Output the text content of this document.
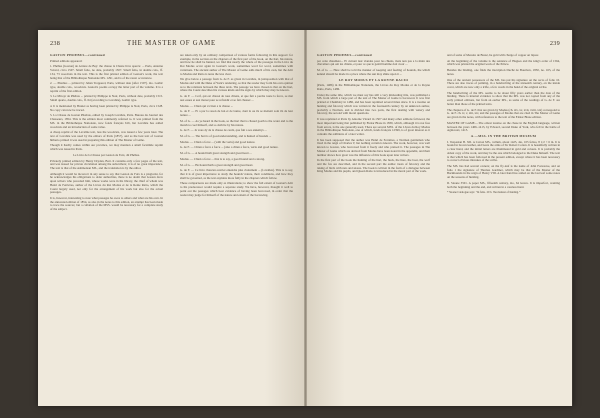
238	THE MASTER OF GAME

GASTON PHOEBUS—continued

Printed editions appeared:

1. Phébus (Gaston) de Arriere de Bay: the chasse la Chaste livre apercu: ... Paris, Antoine Vérard, circa 1507. Small folio, no date, probably 1507. Small folio, in double cols., ff. 134, 73 woodcuts in the text. This is the first printed edition of Gaston's work, the text being that of the Bibliothèque Nationale MS. 1291, and is of the rarest occurrence.

2. — Phœbus ... printed by Jehan Trepperel, Paris, without date (after 1507). 4to. Gothic type, double cols., woodcuts. Gaston's poems occupy the latter part of the volume. It is a reprint of the first edition.

3. Le Miroyr de Phébus ... printed by Philippe le Noir, Paris, without date, probably 1515. Small quarto, double cols., ff. 64 (according to Lavallée), Gothic type.

4. It is mentioned by Brunet as having been printed by Philippe le Noir, Paris, circa 1528. No copy can now be traced.

5. La Chasse de Gaston Phœbus, edited by Joseph Lavallée, Paris. Bureau du Journal des Chasseurs, 1854. This is the edition most commonly referred to. It was printed from the MS. in the Bibliothèque Nationale, now fonds français 616, but Lavallée has added woodcuts and an introduction of some value.

A cheap reprint of the Lavallée text, less the woodcuts, was issued a few years later. The text of Lavallée was used by the editors of Paris (1857), and as the best text of Gaston hitherto printed it was used in preparing this edition of The Master of Game.

Though it hardly comes within our province, we may mention a small facsimile reprint which was issued in Paris.

Le Livre de la Chasse par Gaston de Foix, dit Phébus.

Privately printed edition by Henry Dryden, Bart. It contains only a few pages of the text, and was issued for private circulation among the subscribers; it is of no great importance. The text is that of the Ashmolean MS., and the translation is by the editor.

Although it would be incorrect in any sense to say that Gaston de Foix is a plagiarist, for he acknowledges his obligations to older authorities, there is no doubt that Gaston drew upon writers who preceded him, whose works were in his library, the chief of whom was Henri de Ferrières, author of the Livres du Roi Modus et de la Reine Ratio, which the Count largely used, not only for the arrangement of his work but also for the actual passages.

It is, however, interesting to note what passages he owes to others and what are his own. In the annotated edition of 1854, as also in the notes to this edition, an attempt has been made to trace the sources; but a collation of the MSS. would be necessary for a complete study of the subject.

are taken only by an ordinary comparison of various forms following in this support: for example, in the section on the chapters of the first part of the book, on the hart, his nature, and how he shall be hunted, we find that nearly the whole of the passages in the Livre du Roi Modus occur again in Gaston's work, sometimes word for word, sometimes with variations. The ancient author of The Master of Game adds much of his own, but the debt to Modus and Ratio is none the less clear.

We give below a passage from G. de F. as given in Lavallée, in juxtaposition with that of Modus and with the Duke of York's rendering, so that the reader may form his own opinion as to the relations between the three texts. The passage we have chosen is that on the hart, where the Count describes his various kinds and the signs by which they may be known.

G. de F. — Cerf, qui est chassé de tous chiens, et que fuit a perdre toute la force, se met aux eaues et aux marez pour se refroidir et se fait chasser ...

Modus. — Chien qui va bien a la chasse ...

G. de F. — Et a par la reson de lun et de lautre, dont la ou ils se mettent sont ilz de leur nature ...

M. of G. — As ye heard in the book, so the hart that is chased goeth to the water and to the marsh to cool himself, and so doth he by his nature.

G. de F. — Je vous dy de la chasse de ceulx, que fuit a ses ennemys ...

M. of G. — The hart is of good understanding, and is hunted of hounds ...

Modus. — Chien a force ... (with the vertu) and good nature.

G. de F. — Chien a force a force ... (also a chien a force, vertu and good nature.

M. of G. — A hound hath great strength and great heart ...

Modus. — Chien a force ... that is to say, a good hound and a strong.

M. of G. — He hound hath a great strength and great heart.

G. de F. — Ce livre chascun ouvrier entendra plus clairement ... (Lavallée). This is to say, that it is of great importance to study the hounds' nature, their conditions, and how they shall be governed, as the text explains more fully in the chapters which follow.

These comparisons are made only as illustrations; to show the full extent of Gaston's debt to his predecessor would require a separate study. We have, however, thought it well to point out the passages which bear evidence of having been borrowed, in order that the reader may judge for himself of the nature and extent of the borrowing.

239

GASTON PHOEBUS—continued

par cette chaudiere... Et cuiront leur viandes pour les chiens, mais non pas a la main des chevaliers qui ont les chiens, et pour ce que le gentil homme doit avoir ...

M. of G. — Here shall be told the manner of keeping and feeding of hounds, the which kennel should be made in a place where the sun may shine upon it ...

LE ROY MODUS ET LA ROYNE RACIO

(Paris, 1486) in the Bibliothèque Nationale, the Livres du Roy Modus et de la Royne Ratio, Paris, 1486.

Under the same title, which we must say has still a very misleading title, was published a MS. from which a large part of the text of The Master of Game is borrowed. It was first printed at Chambéry in 1486, and has been reprinted several times since. It is a treatise on hunting and falconry which was written in the fourteenth century by an unknown author, probably a Norman, and is divided into two parts, the first dealing with venery and falconry, the second with moral questions.

It was reprinted at Paris by Antoine Vérard in 1507 and many other editions followed, the most important being that published by Elzéar Blaze in 1839, which, although it is not free from errors, is the one generally used. There are several MSS. of the Livres du Roy Modus in the Bibliothèque Nationale, one of which, fonds français 12399, is of great interest as it contains the additions of a later writer.

It has been supposed that the author was Henri de Ferrières, a Norman gentleman who lived in the reign of Charles V, but nothing certain is known. The work, however, was well known to Gaston, who borrowed from it freely and who praised it. The passages in The Master of Game which are derived from Modus have been noted in the appendix, and their number shows how great was the influence of this book upon later writers.

In the first part of the book the hunting of the hart, the buck, the hare, the boar, the wolf and the fox are described, and in the second part the author treats of falconry and the taking of birds with nets and snares. The book is written in the form of a dialogue between King Modus and his pupils, and Queen Ratio is introduced in the moral part of the work.

and of some of Messire de Brezé, he gold with charge of copper on liquor.

At the beginning of the volume is the sentence of Hugues and the king's order of 1564, which was printed the original work of the Prince.

Besides the binding, one finds the inscription Duché de Bourbon, 1850, no. 165, of the notes.

One of the ancient possessors of the MS. has put his signature on the recto of folio 10. There are also traces of painting, in a handwriting of the sixteenth century, on the inside cover, which are now only a trifle, a few words in the hand of the original scribe.

The handwriting of the MS. seems to be about fifty years earlier than the date of the binding. There is internal evidence to show that the MS. was not copied from any of the early printed editions, but from an earlier MS., as some of the readings of G. de F. are better than those of the printed texts.

The chapters of G. de F. that are given by Modus (ch. xiv, xv, xvii, xviii, xix) correspond to G. de F. ch. iv, v, xiii, xiv, and the passages of Modus that are cited in The Master of Game are given in the notes, with references to the text of the Elzéar Blaze edition.

MASTER OF GAME.—The oldest treatise on the chase in the English language, written between the years 1406–1413, by Edward, second Duke of York, who fell in the battle of Agincourt, 1415.

A.—MSS. IN THE BRITISH MUSEUM

I. Vespasian B. XII. A Cotton MS., vellum, about 1425, 4to, 105 folios, 8 1/2 × 6 in. It is bound in brown leather, and bears the arms of Sir Robert Cotton. It is beautifully written in a clear hand, and the initial letters are illuminated in gold and colours. It is probably the oldest copy of the work, and may be the one which belonged to the Duke himself. The text is that which has been followed in the present edition, except where it has been necessary to correct obvious mistakes of the scribe.

The MS. has had several owners; on the fly-leaf is the name of John Fortescue, and on folio 1 the signature of Thomas Gardiner, which may be that of the Master of the Buckhounds in the reign of Henry VIII. A later hand has added on the last leaf some notes on the seasons of hunting.

II. Sloane 3501. A paper MS., fifteenth century, 4to, 64 leaves. It is imperfect, wanting both the beginning and the end, and written in a careless hand.

* Sloane Catalogue says: "In folio. 20 b. 'the manner of hunting.'"
